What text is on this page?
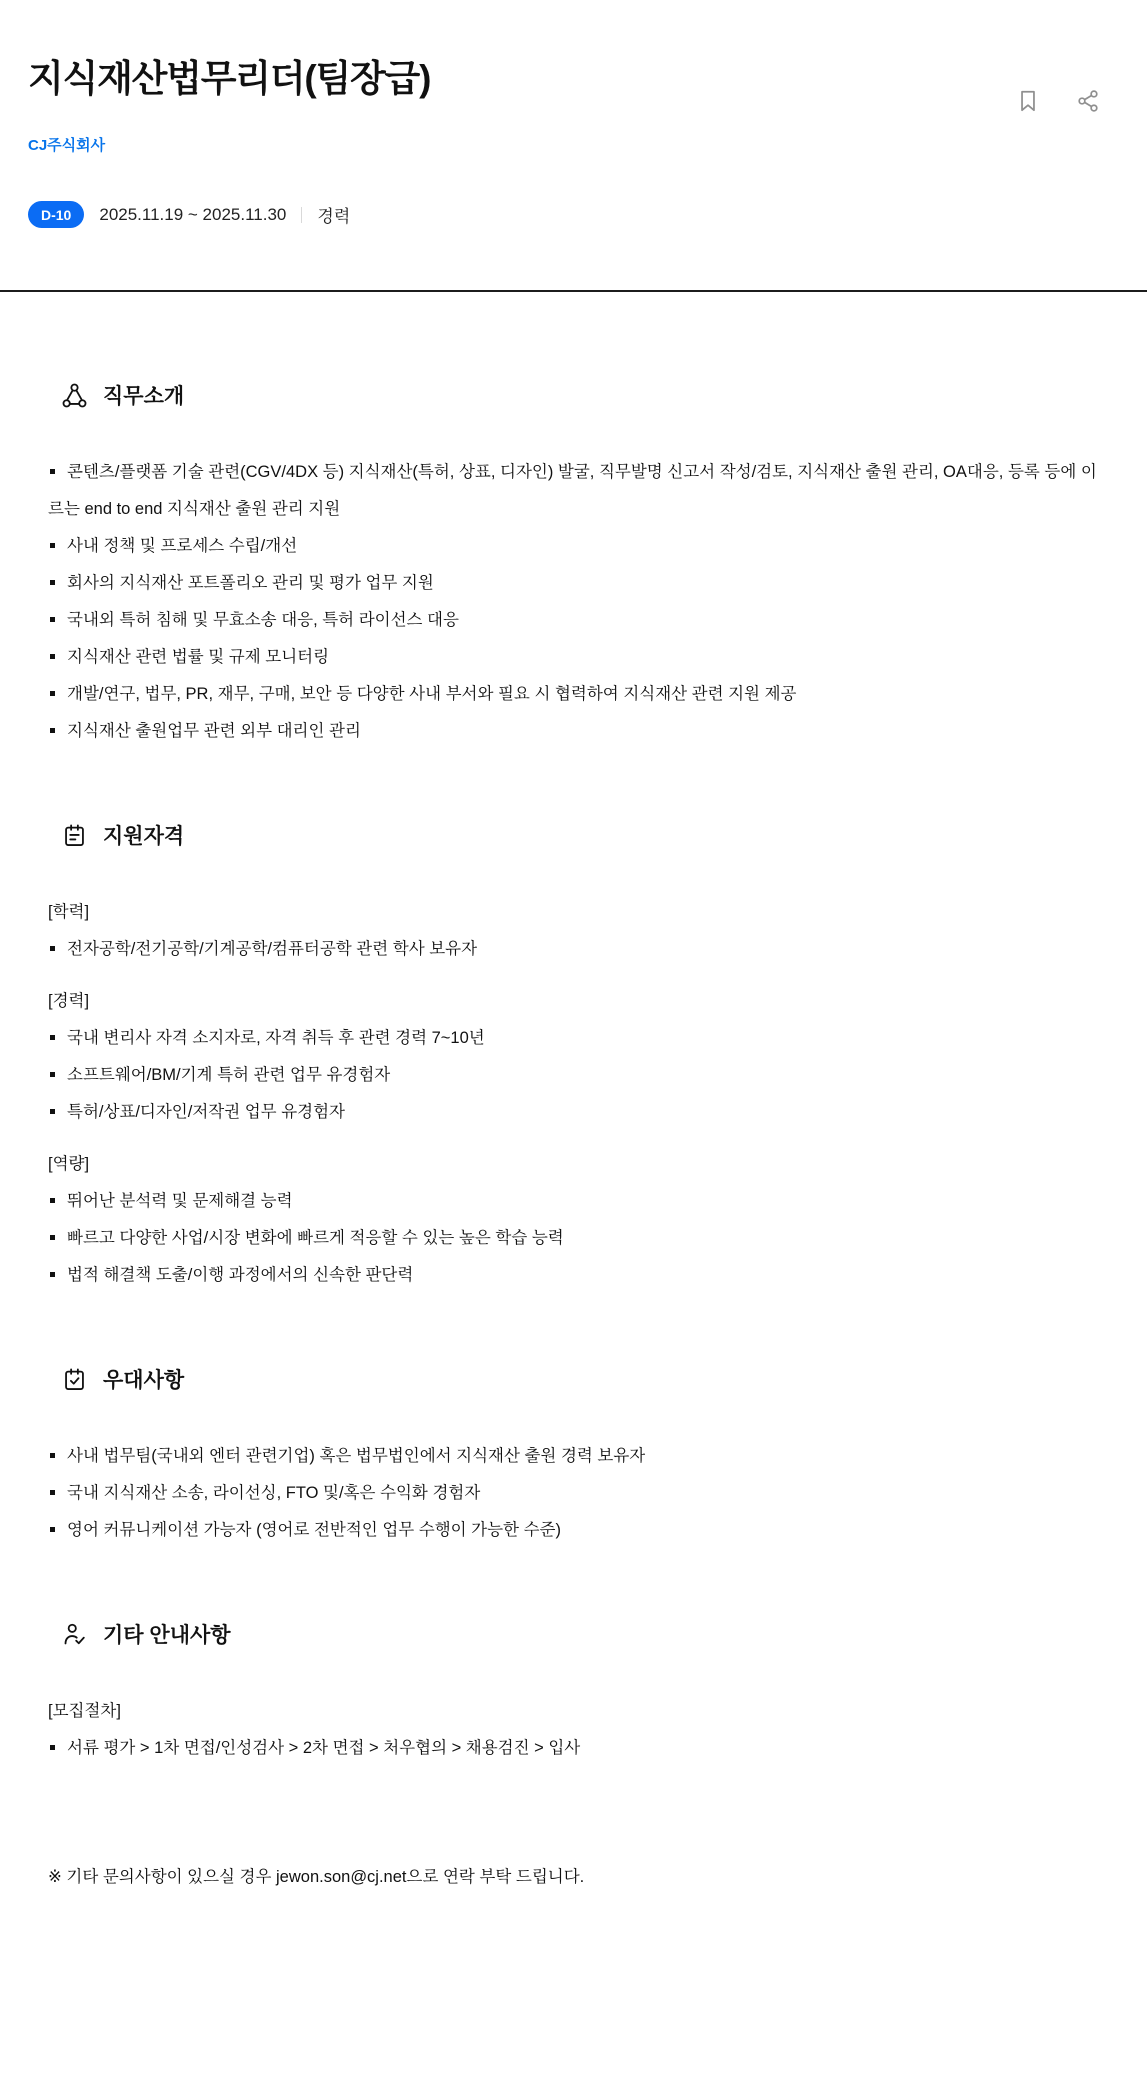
지식재산법무리더(팀장급)
CJ주식회사
D-10	2025.11.19 ~ 2025.11.30 경력
직무소개
콘텐츠/플랫폼 기술 관련(CGV/4DX 등) 지식재산(특허, 상표, 디자인) 발굴, 직무발명 신고서 작성/검토, 지식재산 출원 관리, OA대응, 등록 등에 이르는 end to end 지식재산 출원 관리 지원
사내 정책 및 프로세스 수립/개선
회사의 지식재산 포트폴리오 관리 및 평가 업무 지원
국내외 특허 침해 및 무효소송 대응, 특허 라이선스 대응
지식재산 관련 법률 및 규제 모니터링
개발/연구, 법무, PR, 재무, 구매, 보안 등 다양한 사내 부서와 필요 시 협력하여 지식재산 관련 지원 제공
지식재산 출원업무 관련 외부 대리인 관리
지원자격
[학력]
전자공학/전기공학/기계공학/컴퓨터공학 관련 학사 보유자
[경력]
국내 변리사 자격 소지자로, 자격 취득 후 관련 경력 7~10년
소프트웨어/BM/기계 특허 관련 업무 유경험자
특허/상표/디자인/저작권 업무 유경험자
[역량]
뛰어난 분석력 및 문제해결 능력
빠르고 다양한 사업/시장 변화에 빠르게 적응할 수 있는 높은 학습 능력
법적 해결책 도출/이행 과정에서의 신속한 판단력
우대사항
사내 법무팀(국내외 엔터 관련기업) 혹은 법무법인에서 지식재산 출원 경력 보유자
국내 지식재산 소송, 라이선싱, FTO 및/혹은 수익화 경험자
영어 커뮤니케이션 가능자 (영어로 전반적인 업무 수행이 가능한 수준)
기타 안내사항
[모집절차]
서류 평가 > 1차 면접/인성검사 > 2차 면접 > 처우협의 > 채용검진 > 입사
※ 기타 문의사항이 있으실 경우 jewon.son@cj.net으로 연락 부탁 드립니다.
